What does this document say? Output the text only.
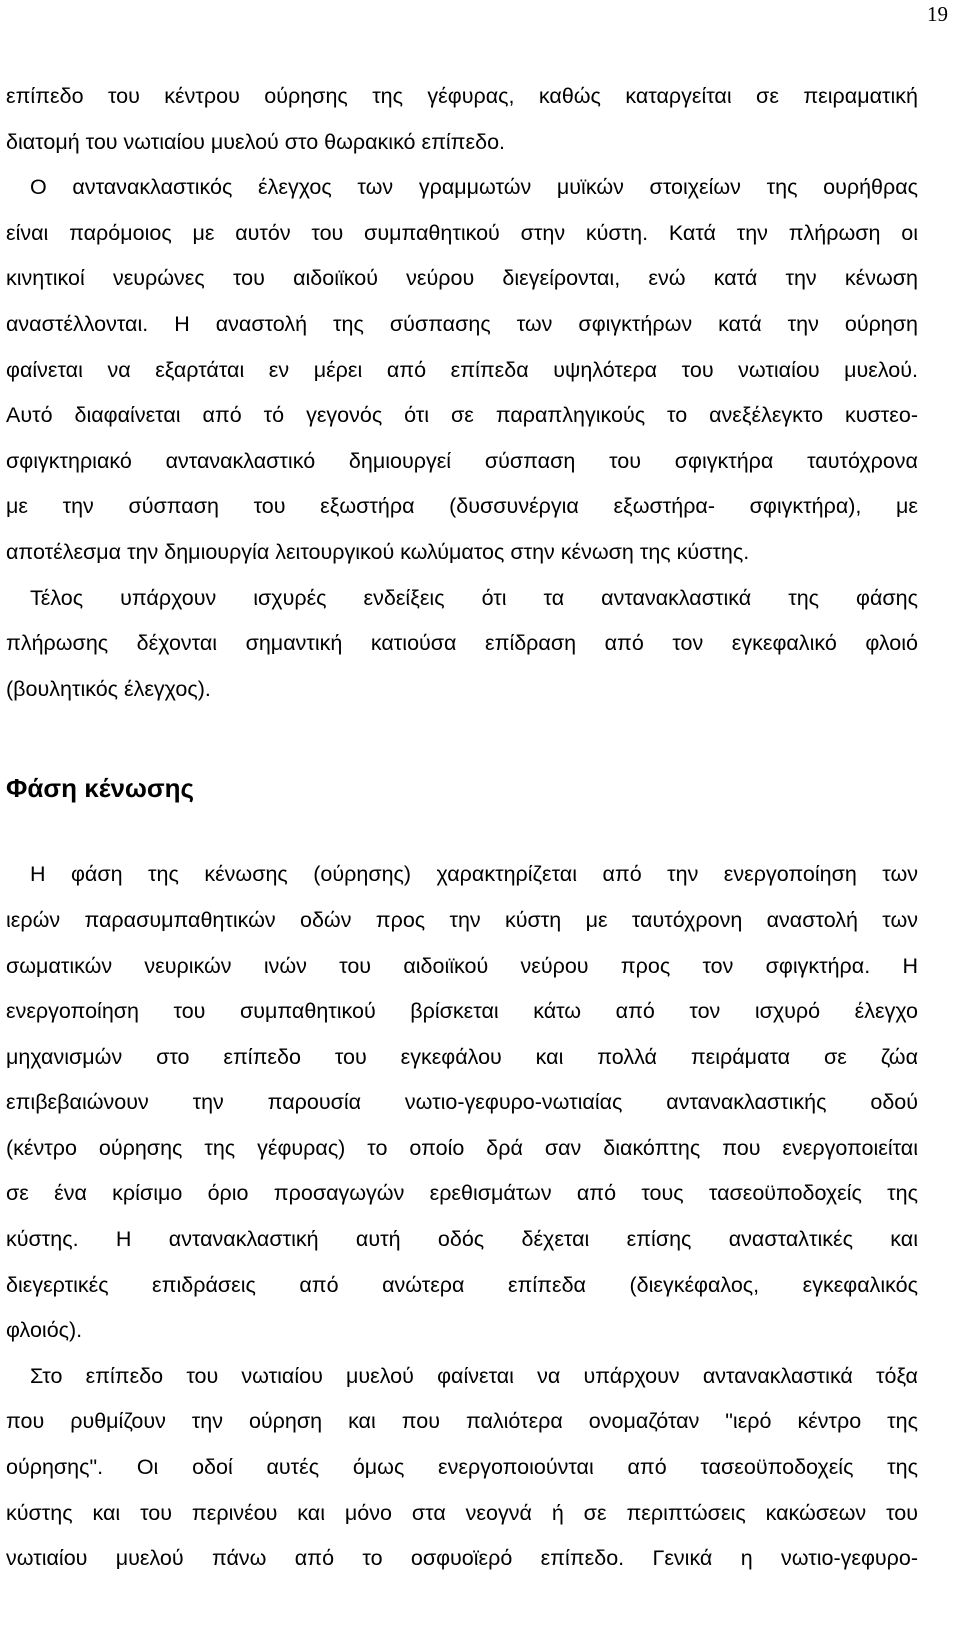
19
επίπεδο του κέντρου ούρησης της γέφυρας, καθώς καταργείται σε πειραματική
διατομή του νωτιαίου μυελού στο θωρακικό επίπεδο.
Ο αντανακλαστικός έλεγχος των γραμμωτών μυϊκών στοιχείων της ουρήθρας
είναι παρόμοιος με αυτόν του συμπαθητικού στην κύστη. Κατά την πλήρωση οι
κινητικοί νευρώνες του αιδοιϊκού νεύρου διεγείρονται, ενώ κατά την κένωση
αναστέλλονται. Η αναστολή της σύσπασης των σφιγκτήρων κατά την ούρηση
φαίνεται να εξαρτάται εν μέρει από επίπεδα υψηλότερα του νωτιαίου μυελού.
Αυτό διαφαίνεται από τό γεγονός ότι σε παραπληγικούς το ανεξέλεγκτο κυστεο-
σφιγκτηριακό αντανακλαστικό δημιουργεί σύσπαση του σφιγκτήρα ταυτόχρονα
με την σύσπαση του εξωστήρα (δυσσυνέργια εξωστήρα- σφιγκτήρα), με
αποτέλεσμα την δημιουργία λειτουργικού κωλύματος στην κένωση της κύστης.
Τέλος υπάρχουν ισχυρές ενδείξεις ότι τα αντανακλαστικά της φάσης
πλήρωσης δέχονται σημαντική κατιούσα επίδραση από τον εγκεφαλικό φλοιό
(βουλητικός έλεγχος).
Φάση κένωσης
Η φάση της κένωσης (ούρησης) χαρακτηρίζεται από την ενεργοποίηση των
ιερών παρασυμπαθητικών οδών προς την κύστη με ταυτόχρονη αναστολή των
σωματικών νευρικών ινών του αιδοιϊκού νεύρου προς τον σφιγκτήρα. Η
ενεργοποίηση του συμπαθητικού βρίσκεται κάτω από τον ισχυρό έλεγχο
μηχανισμών στο επίπεδο του εγκεφάλου και πολλά πειράματα σε ζώα
επιβεβαιώνουν την παρουσία νωτιο-γεφυρο-νωτιαίας αντανακλαστικής οδού
(κέντρο ούρησης της γέφυρας) το οποίο δρά σαν διακόπτης που ενεργοποιείται
σε ένα κρίσιμο όριο προσαγωγών ερεθισμάτων από τους τασεοϋποδοχείς της
κύστης. Η αντανακλαστική αυτή οδός δέχεται επίσης ανασταλτικές και
διεγερτικές επιδράσεις από ανώτερα επίπεδα (διεγκέφαλος, εγκεφαλικός
φλοιός).
Στο επίπεδο του νωτιαίου μυελού φαίνεται να υπάρχουν αντανακλαστικά τόξα
που ρυθμίζουν την ούρηση και που παλιότερα ονομαζόταν "ιερό κέντρο της
ούρησης". Οι οδοί αυτές όμως ενεργοποιούνται από τασεοϋποδοχείς της
κύστης και του περινέου και μόνο στα νεογνά ή σε περιπτώσεις κακώσεων του
νωτιαίου μυελού πάνω από το οσφυοϊερό επίπεδο. Γενικά η νωτιο-γεφυρο-
